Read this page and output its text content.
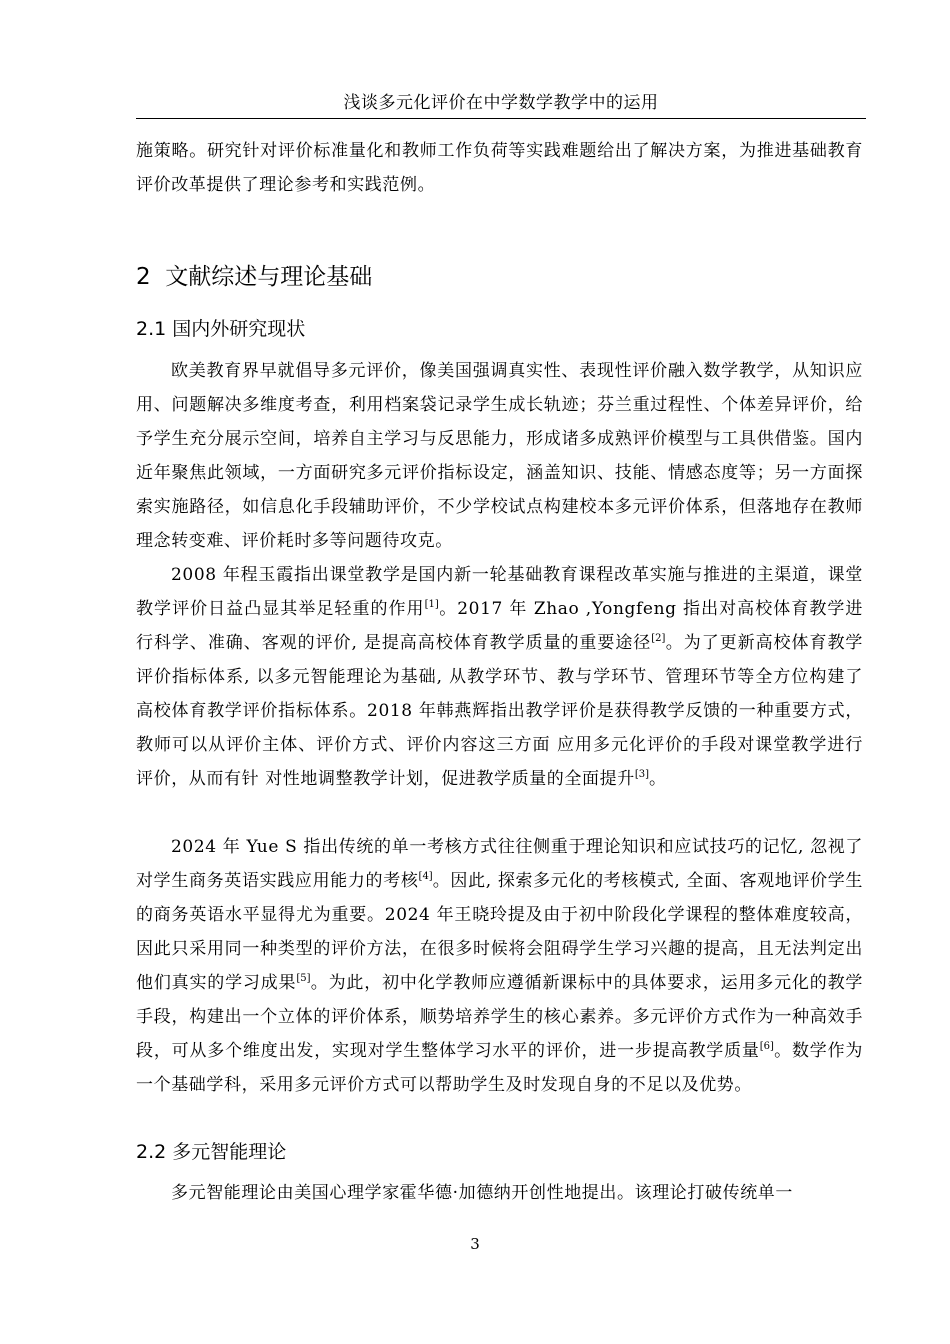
浅谈多元化评价在中学数学教学中的运用

施策略。研究针对评价标准量化和教师工作负荷等实践难题给出了解决方案，为推进基础教育评价改革提供了理论参考和实践范例。

2 文献综述与理论基础
2.1 国内外研究现状

欧美教育界早就倡导多元评价，像美国强调真实性、表现性评价融入数学教学，从知识应用、问题解决多维度考查，利用档案袋记录学生成长轨迹；芬兰重过程性、个体差异评价，给予学生充分展示空间，培养自主学习与反思能力，形成诸多成熟评价模型与工具供借鉴。国内近年聚焦此领域，一方面研究多元评价指标设定，涵盖知识、技能、情感态度等；另一方面探索实施路径，如信息化手段辅助评价，不少学校试点构建校本多元评价体系，但落地存在教师理念转变难、评价耗时多等问题待攻克。

2008 年程玉霞指出课堂教学是国内新一轮基础教育课程改革实施与推进的主渠道，课堂教学评价日益凸显其举足轻重的作用[1]。2017 年 Zhao ,Yongfeng 指出对高校体育教学进行科学、准确、客观的评价, 是提高高校体育教学质量的重要途径[2]。为了更新高校体育教学评价指标体系, 以多元智能理论为基础, 从教学环节、教与学环节、管理环节等全方位构建了高校体育教学评价指标体系。2018 年韩燕辉指出教学评价是获得教学反馈的一种重要方式，教师可以从评价主体、评价方式、评价内容这三方面 应用多元化评价的手段对课堂教学进行评价，从而有针 对性地调整教学计划，促进教学质量的全面提升[3]。

2024 年 Yue S 指出传统的单一考核方式往往侧重于理论知识和应试技巧的记忆, 忽视了对学生商务英语实践应用能力的考核[4]。因此, 探索多元化的考核模式, 全面、客观地评价学生的商务英语水平显得尤为重要。2024 年王晓玲提及由于初中阶段化学课程的整体难度较高，因此只采用同一种类型的评价方法，在很多时候将会阻碍学生学习兴趣的提高，且无法判定出他们真实的学习成果[5]。为此，初中化学教师应遵循新课标中的具体要求，运用多元化的教学手段，构建出一个立体的评价体系，顺势培养学生的核心素养。多元评价方式作为一种高效手段，可从多个维度出发，实现对学生整体学习水平的评价，进一步提高教学质量[6]。数学作为一个基础学科，采用多元评价方式可以帮助学生及时发现自身的不足以及优势。

2.2 多元智能理论

多元智能理论由美国心理学家霍华德·加德纳开创性地提出。该理论打破传统单一

3
